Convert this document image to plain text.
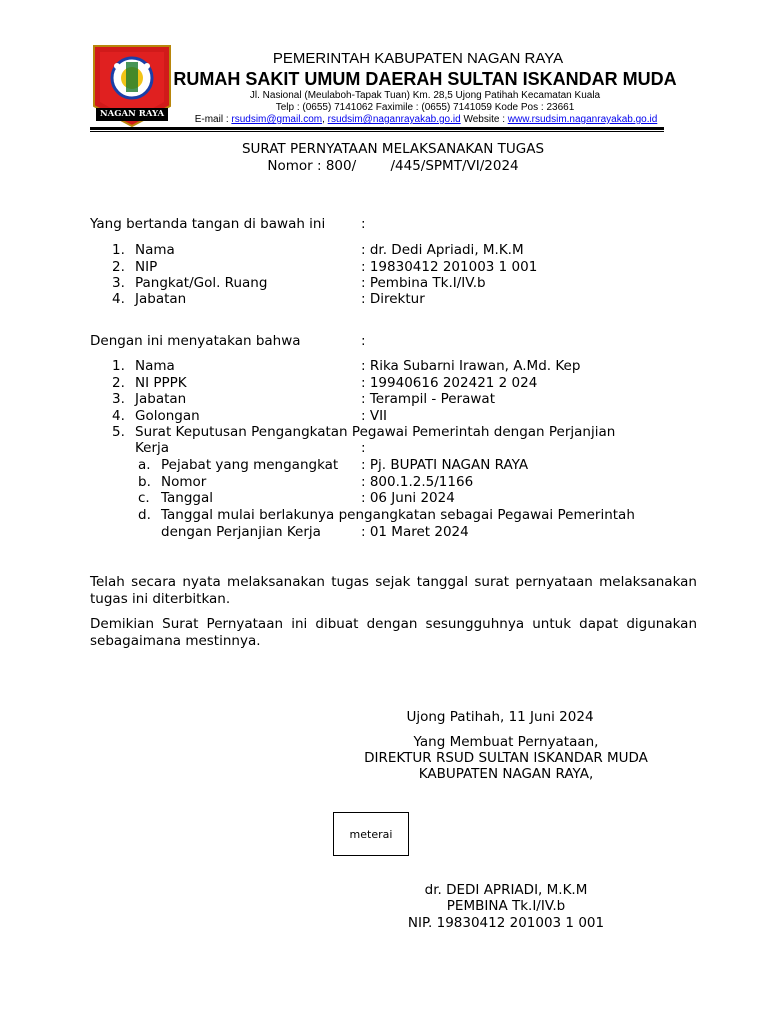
NAGAN RAYA
PEMERINTAH KABUPATEN NAGAN RAYA
RUMAH SAKIT UMUM DAERAH SULTAN ISKANDAR MUDA
Jl. Nasional (Meulaboh-Tapak Tuan) Km. 28,5 Ujong Patihah Kecamatan Kuala
Telp : (0655) 7141062 Faximile : (0655) 7141059 Kode Pos : 23661
E-mail : rsudsim@gmail.com, rsudsim@naganrayakab.go.id Website : www.rsudsim.naganrayakab.go.id
SURAT PERNYATAAN MELAKSANAKAN TUGAS
Nomor : 800/        /445/SPMT/VI/2024
Yang bertanda tangan di bawah ini	:
1. Nama	: dr. Dedi Apriadi, M.K.M
2. NIP	: 19830412 201003 1 001
3. Pangkat/Gol. Ruang	: Pembina Tk.I/IV.b
4. Jabatan	: Direktur
Dengan ini menyatakan bahwa	:
1. Nama	: Rika Subarni Irawan, A.Md. Kep
2. NI PPPK	: 19940616 202421 2 024
3. Jabatan	: Terampil - Perawat
4. Golongan	: VII
5. Surat Keputusan Pengangkatan Pegawai Pemerintah dengan Perjanjian
Kerja	:
a. Pejabat yang mengangkat : Pj. BUPATI NAGAN RAYA
b. Nomor	: 800.1.2.5/1166
c. Tanggal	: 06 Juni 2024
d. Tanggal mulai berlakunya pengangkatan sebagai Pegawai Pemerintah
dengan Perjanjian Kerja	: 01 Maret 2024
Telah secara nyata melaksanakan tugas sejak tanggal surat pernyataan melaksanakan tugas ini diterbitkan.
Demikian Surat Pernyataan ini dibuat dengan sesungguhnya untuk dapat digunakan sebagaimana mestinnya.
Ujong Patihah, 11 Juni 2024
Yang Membuat Pernyataan,
DIREKTUR RSUD SULTAN ISKANDAR MUDA
KABUPATEN NAGAN RAYA,
meterai
dr. DEDI APRIADI, M.K.M
PEMBINA Tk.I/IV.b
NIP. 19830412 201003 1 001
